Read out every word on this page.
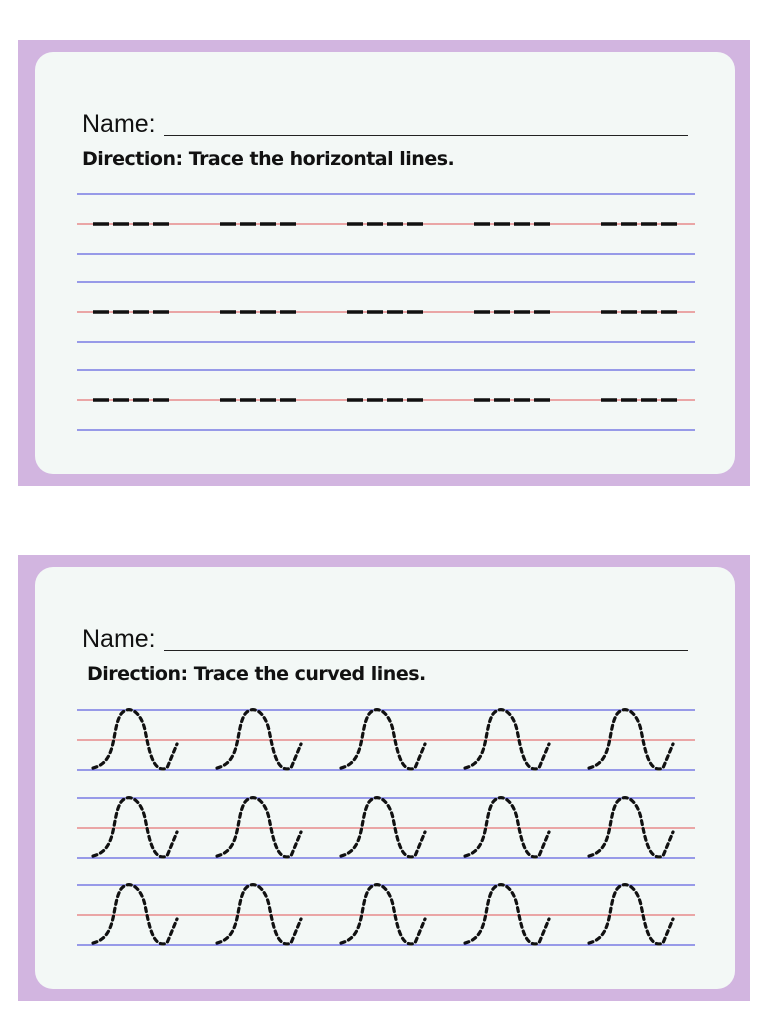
Name:
Direction: Trace the horizontal lines.
Name:
Direction: Trace the curved lines.
